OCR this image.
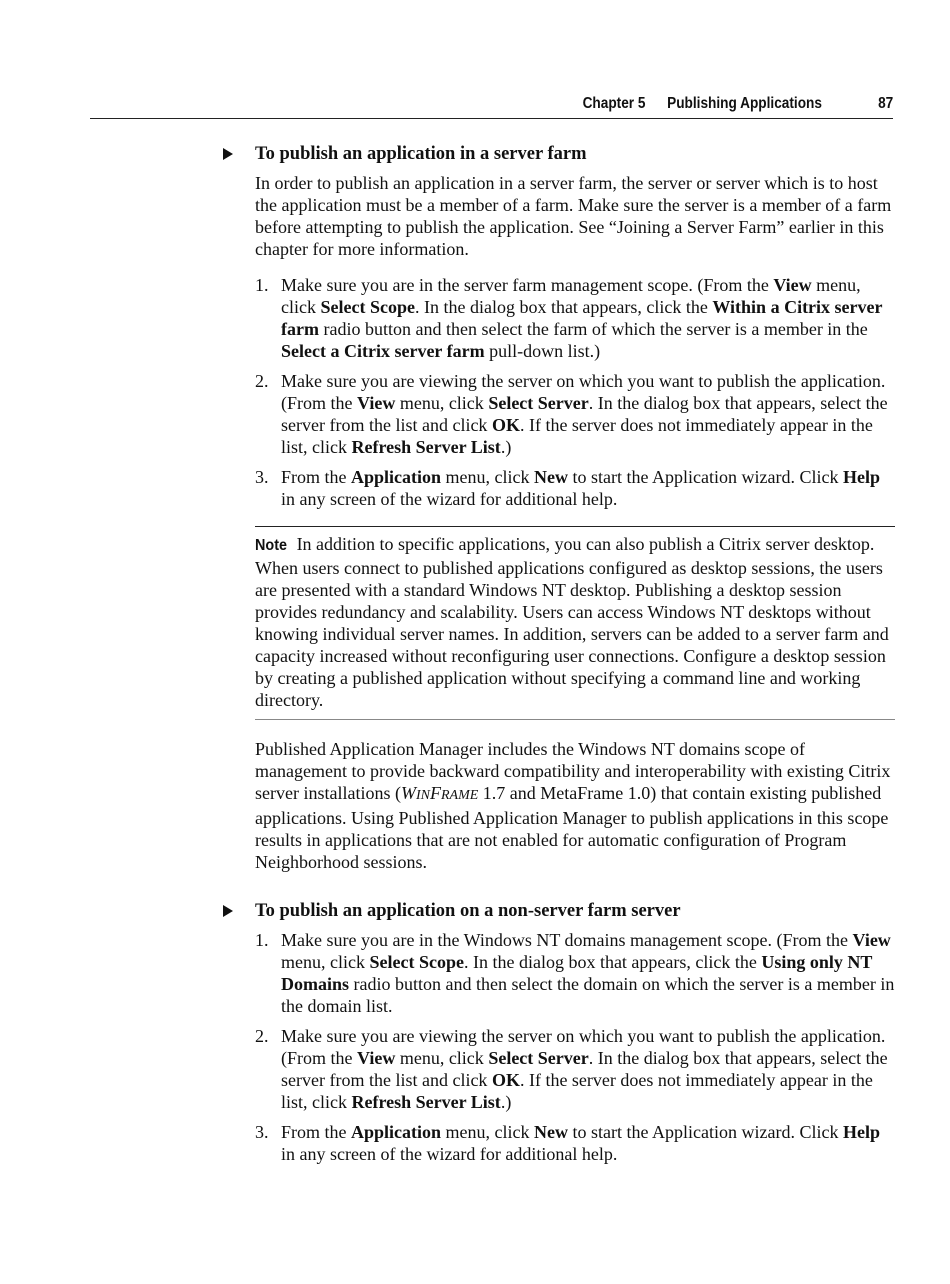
Chapter 5 Publishing Applications	87
To publish an application in a server farm

In order to publish an application in a server farm, the server or server which is to host the application must be a member of a farm. Make sure the server is a member of a farm before attempting to publish the application. See “Joining a Server Farm” earlier in this chapter for more information.

1. Make sure you are in the server farm management scope. (From the View menu, click Select Scope. In the dialog box that appears, click the Within a Citrix server farm radio button and then select the farm of which the server is a member in the Select a Citrix server farm pull-down list.)
2. Make sure you are viewing the server on which you want to publish the application. (From the View menu, click Select Server. In the dialog box that appears, select the server from the list and click OK. If the server does not immediately appear in the list, click Refresh Server List.)
3. From the Application menu, click New to start the Application wizard. Click Help in any screen of the wizard for additional help.

Note In addition to specific applications, you can also publish a Citrix server desktop. When users connect to published applications configured as desktop sessions, the users are presented with a standard Windows NT desktop. Publishing a desktop session provides redundancy and scalability. Users can access Windows NT desktops without knowing individual server names. In addition, servers can be added to a server farm and capacity increased without reconfiguring user connections. Configure a desktop session by creating a published application without specifying a command line and working directory.

Published Application Manager includes the Windows NT domains scope of management to provide backward compatibility and interoperability with existing Citrix server installations (WINFRAME 1.7 and MetaFrame 1.0) that contain existing published applications. Using Published Application Manager to publish applications in this scope results in applications that are not enabled for automatic configuration of Program Neighborhood sessions.

To publish an application on a non-server farm server
1. Make sure you are in the Windows NT domains management scope. (From the View menu, click Select Scope. In the dialog box that appears, click the Using only NT Domains radio button and then select the domain on which the server is a member in the domain list.
2. Make sure you are viewing the server on which you want to publish the application. (From the View menu, click Select Server. In the dialog box that appears, select the server from the list and click OK. If the server does not immediately appear in the list, click Refresh Server List.)
3. From the Application menu, click New to start the Application wizard. Click Help in any screen of the wizard for additional help.
